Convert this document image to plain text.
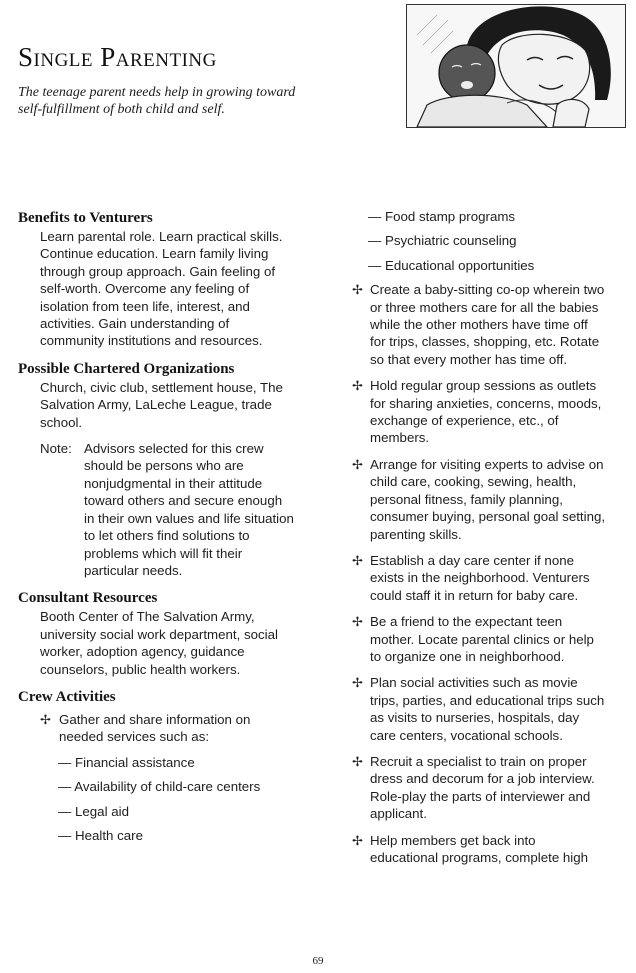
Single Parenting

The teenage parent needs help in growing toward self-fulfillment of both child and self.

Benefits to Venturers

Learn parental role. Learn practical skills. Continue education. Learn family living through group approach. Gain feeling of self-worth. Overcome any feeling of isolation from teen life, interest, and activities. Gain understanding of community institutions and resources.

Possible Chartered Organizations

Church, civic club, settlement house, The Salvation Army, LaLeche League, trade school.

Note: Advisors selected for this crew should be persons who are nonjudgmental in their attitude toward others and secure enough in their own values and life situation to let others find solutions to problems which will fit their particular needs.
Consultant Resources

Booth Center of The Salvation Army, university social work department, social worker, adoption agency, guidance counselors, public health workers.

Crew Activities
✢ Gather and share information on needed services such as:
— Financial assistance
— Availability of child-care centers
— Legal aid
— Health care
— Food stamp programs
— Psychiatric counseling
— Educational opportunities
✢ Create a baby-sitting co-op wherein two or three mothers care for all the babies while the other mothers have time off for trips, classes, shopping, etc. Rotate so that every mother has time off.
✢ Hold regular group sessions as outlets for sharing anxieties, concerns, moods, exchange of experience, etc., of members.
✢ Arrange for visiting experts to advise on child care, cooking, sewing, health, personal fitness, family planning, consumer buying, personal goal setting, parenting skills.
✢ Establish a day care center if none exists in the neighborhood. Venturers could staff it in return for baby care.
✢ Be a friend to the expectant teen mother. Locate parental clinics or help to organize one in neighborhood.
✢ Plan social activities such as movie trips, parties, and educational trips such as visits to nurseries, hospitals, day care centers, vocational schools.
✢ Recruit a specialist to train on proper dress and decorum for a job interview. Role-play the parts of interviewer and applicant.
✢ Help members get back into educational programs, complete high
69
